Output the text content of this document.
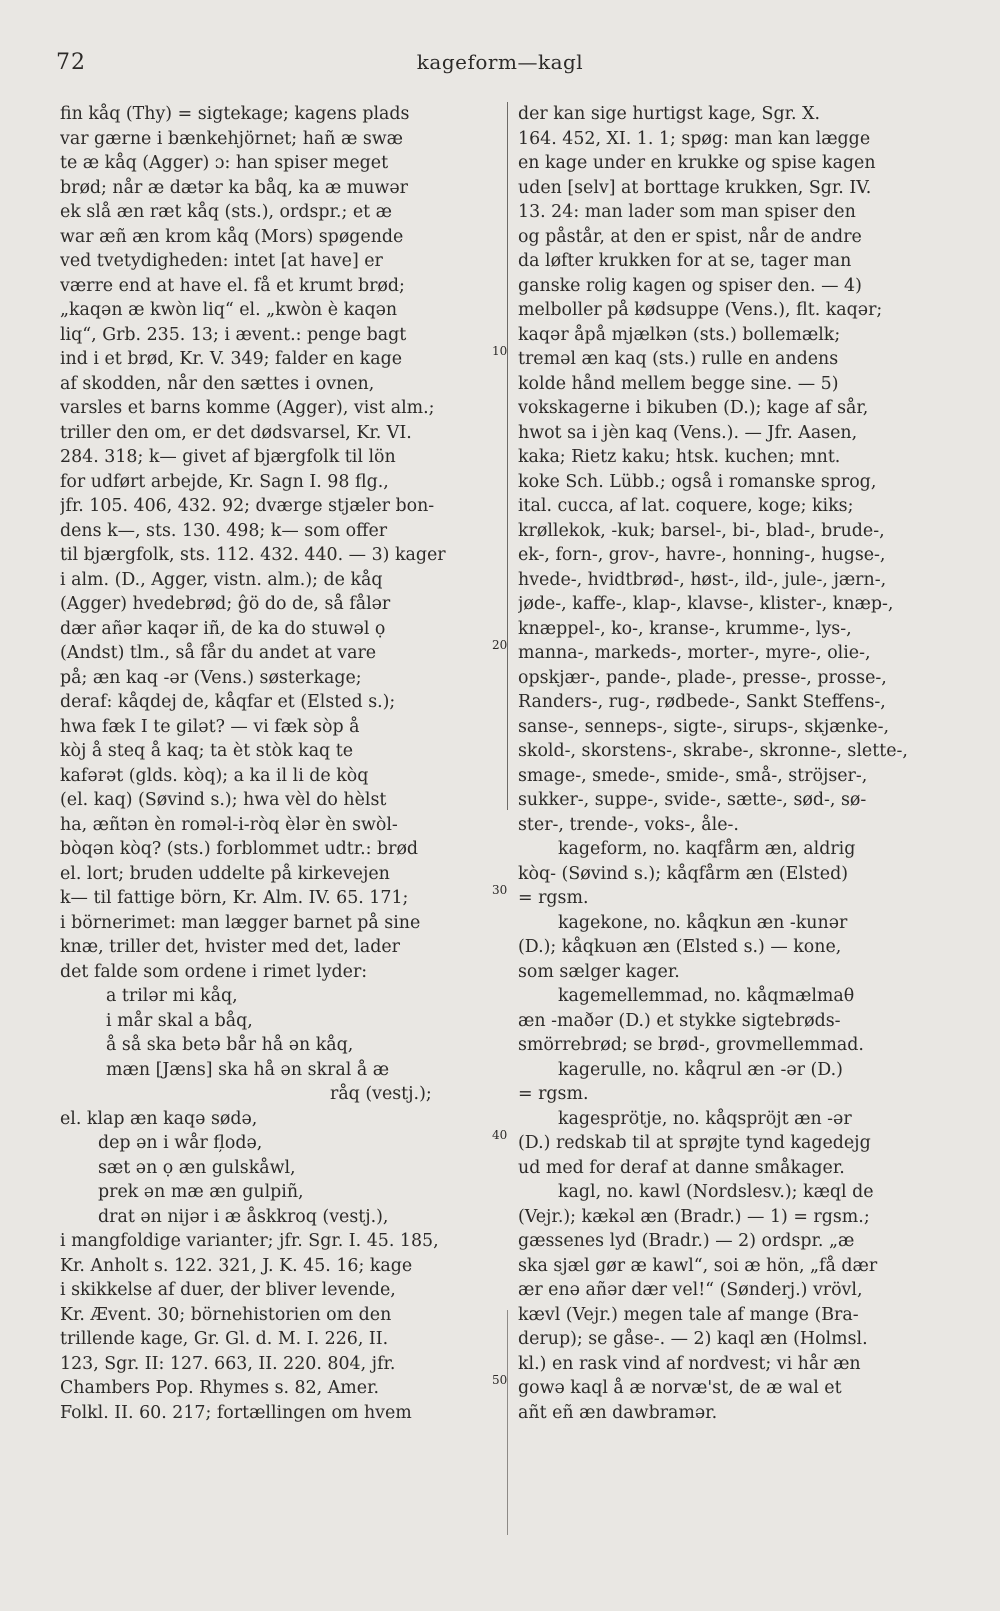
72	kageform—kagl
10
20
30
40
50
fin kåq (Thy) = sigtekage; kagens plads
var gærne i bænkehjörnet; hañ æ swæ
te æ kåq (Agger) ɔ: han spiser meget
brød; når æ dætər ka båq, ka æ muwər
ek slå æn ræt kåq (sts.), ordspr.; et æ
war æñ æn krom kåq (Mors) spøgende
ved tvetydigheden: intet [at have] er
værre end at have el. få et krumt brød;
„kaqən æ kwòn liq“ el. „kwòn è kaqən
liq“, Grb. 235. 13; i ævent.: penge bagt
ind i et brød, Kr. V. 349; falder en kage
af skodden, når den sættes i ovnen,
varsles et barns komme (Agger), vist alm.;
triller den om, er det dødsvarsel, Kr. VI.
284. 318; k— givet af bjærgfolk til lön
for udført arbejde, Kr. Sagn I. 98 flg.,
jfr. 105. 406, 432. 92; dværge stjæler bon-
dens k—, sts. 130. 498; k— som offer
til bjærgfolk, sts. 112. 432. 440. — 3) kager
i alm. (D., Agger, vistn. alm.); de kåq
(Agger) hvedebrød; ĝö do de, så fålər
dær añər kaqər iñ, de ka do stuwəl ọ
(Andst) tlm., så får du andet at vare
på; æn kaq -ər (Vens.) søsterkage;
deraf: kåqdej de, kåqfar et (Elsted s.);
hwa fæk I te gilət? — vi fæk sòp å
kòj å steq å kaq; ta èt stòk kaq te
kafərət (glds. kòq); a ka il li de kòq
(el. kaq) (Søvind s.); hwa vèl do hèlst
ha, æñtən èn roməl-i-ròq èlər èn swòl-
bòqən kòq? (sts.) forblommet udtr.: brød
el. lort; bruden uddelte på kirkevejen
k— til fattige börn, Kr. Alm. IV. 65. 171;
i börnerimet: man lægger barnet på sine
knæ, triller det, hvister med det, lader
det falde som ordene i rimet lyder:
a trilər mi kåq,
i mår skal a båq,
å så ska betə bår hå ən kåq,
mæn [Jæns] ska hå ən skral å æ
råq (vestj.);
el. klap æn kaqə sødə,
dep ən i wår fl̦odə,
sæt ən ọ æn gulskåwl,
prek ən mæ æn gulpiñ,
drat ən nijər i æ åskkroq (vestj.),
i mangfoldige varianter; jfr. Sgr. I. 45. 185,
Kr. Anholt s. 122. 321, J. K. 45. 16; kage
i skikkelse af duer, der bliver levende,
Kr. Ævent. 30; börnehistorien om den
trillende kage, Gr. Gl. d. M. I. 226, II.
123, Sgr. II: 127. 663, II. 220. 804, jfr.
Chambers Pop. Rhymes s. 82, Amer.
Folkl. II. 60. 217; fortællingen om hvem
der kan sige hurtigst kage, Sgr. X.
164. 452, XI. 1. 1; spøg: man kan lægge
en kage under en krukke og spise kagen
uden [selv] at borttage krukken, Sgr. IV.
13. 24: man lader som man spiser den
og påstår, at den er spist, når de andre
da løfter krukken for at se, tager man
ganske rolig kagen og spiser den. — 4)
melboller på kødsuppe (Vens.), flt. kaqər;
kaqər åpå mjælkən (sts.) bollemælk;
treməl æn kaq (sts.) rulle en andens
kolde hånd mellem begge sine. — 5)
vokskagerne i bikuben (D.); kage af sår,
hwot sa i jèn kaq (Vens.). — Jfr. Aasen,
kaka; Rietz kaku; htsk. kuchen; mnt.
koke Sch. Lübb.; også i romanske sprog,
ital. cucca, af lat. coquere, koge; kiks;
krøllekok, -kuk; barsel-, bi-, blad-, brude-,
ek-, forn-, grov-, havre-, honning-, hugse-,
hvede-, hvidtbrød-, høst-, ild-, jule-, jærn-,
jøde-, kaffe-, klap-, klavse-, klister-, knæp-,
knæppel-, ko-, kranse-, krumme-, lys-,
manna-, markeds-, morter-, myre-, olie-,
opskjær-, pande-, plade-, presse-, prosse-,
Randers-, rug-, rødbede-, Sankt Steffens-,
sanse-, senneps-, sigte-, sirups-, skjænke-,
skold-, skorstens-, skrabe-, skronne-, slette-,
smage-, smede-, smide-, små-, ströjser-,
sukker-, suppe-, svide-, sætte-, sød-, sø-
ster-, trende-, voks-, åle-.
kageform, no. kaqfårm æn, aldrig
kòq- (Søvind s.); kåqfårm æn (Elsted)
= rgsm.
kagekone, no. kåqkun æn -kunər
(D.); kåqkuən æn (Elsted s.) — kone,
som sælger kager.
kagemellemmad, no. kåqmælmaθ
æn -maðər (D.) et stykke sigtebrøds-
smörrebrød; se brød-, grovmellemmad.
kagerulle, no. kåqrul æn -ər (D.)
= rgsm.
kagesprötje, no. kåqspröjt æn -ər
(D.) redskab til at sprøjte tynd kagedejg
ud med for deraf at danne småkager.
kagl, no. kawl (Nordslesv.); kæql de
(Vejr.); kækəl æn (Bradr.) — 1) = rgsm.;
gæssenes lyd (Bradr.) — 2) ordspr. „æ
ska sjæl gør æ kawl“, soi æ hön, „få dær
ær enə añər dær vel!“ (Sønderj.) vrövl,
kævl (Vejr.) megen tale af mange (Bra-
derup); se gåse-. — 2) kaql æn (Holmsl.
kl.) en rask vind af nordvest; vi hår æn
gowə kaql å æ norvæ'st, de æ wal et
añt eñ æn dawbramər.
